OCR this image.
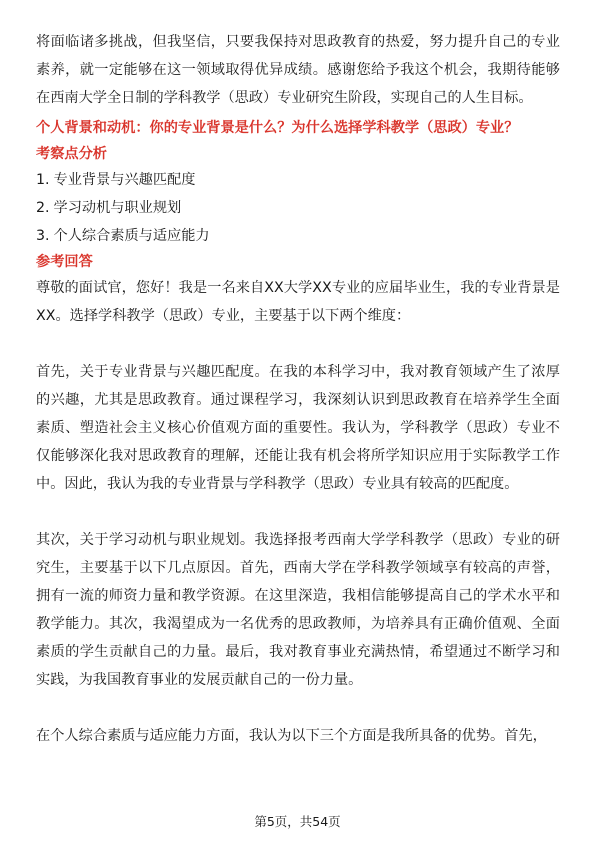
将面临诸多挑战，但我坚信，只要我保持对思政教育的热爱，努力提升自己的专业素养，就一定能够在这一领域取得优异成绩。感谢您给予我这个机会，我期待能够在西南大学全日制的学科教学（思政）专业研究生阶段，实现自己的人生目标。

个人背景和动机：你的专业背景是什么？为什么选择学科教学（思政）专业？

考察点分析

1. 专业背景与兴趣匹配度
2. 学习动机与职业规划
3. 个人综合素质与适应能力

参考回答

尊敬的面试官，您好！我是一名来自XX大学XX专业的应届毕业生，我的专业背景是XX。选择学科教学（思政）专业，主要基于以下两个维度：

首先，关于专业背景与兴趣匹配度。在我的本科学习中，我对教育领域产生了浓厚的兴趣，尤其是思政教育。通过课程学习，我深刻认识到思政教育在培养学生全面素质、塑造社会主义核心价值观方面的重要性。我认为，学科教学（思政）专业不仅能够深化我对思政教育的理解，还能让我有机会将所学知识应用于实际教学工作中。因此，我认为我的专业背景与学科教学（思政）专业具有较高的匹配度。

其次，关于学习动机与职业规划。我选择报考西南大学学科教学（思政）专业的研究生，主要基于以下几点原因。首先，西南大学在学科教学领域享有较高的声誉，拥有一流的师资力量和教学资源。在这里深造，我相信能够提高自己的学术水平和教学能力。其次，我渴望成为一名优秀的思政教师，为培养具有正确价值观、全面素质的学生贡献自己的力量。最后，我对教育事业充满热情，希望通过不断学习和实践，为我国教育事业的发展贡献自己的一份力量。

在个人综合素质与适应能力方面，我认为以下三个方面是我所具备的优势。首先，

第5页，共54页
